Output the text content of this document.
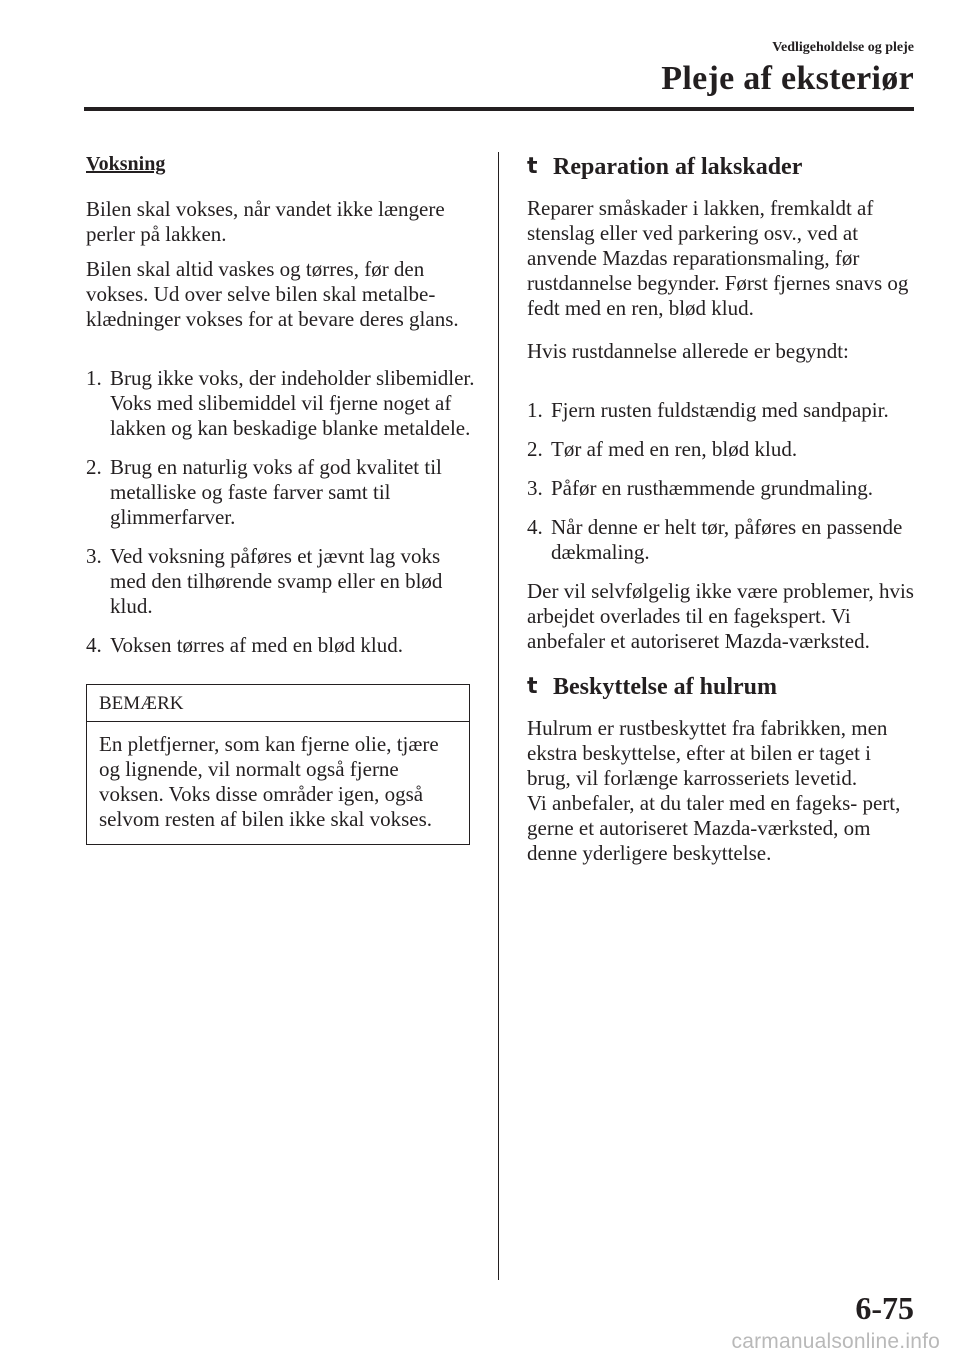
Vedligeholdelse og pleje
Pleje af eksteriør

Voksning

Bilen skal vokses, når vandet ikke længere perler på lakken.

Bilen skal altid vaskes og tørres, før den vokses. Ud over selve bilen skal metalbe- klædninger vokses for at bevare deres glans.

1. Brug ikke voks, der indeholder slibemidler.

Voks med slibemiddel vil fjerne noget af lakken og kan beskadige blanke metaldele.

2. Brug en naturlig voks af god kvalitet til metalliske og faste farver samt til glimmerfarver.

3. Ved voksning påføres et jævnt lag voks med den tilhørende svamp eller en blød klud.

4. Voksen tørres af med en blød klud.

BEMÆRK

En pletfjerner, som kan fjerne olie, tjære og lignende, vil normalt også fjerne voksen. Voks disse områder igen, også selvom resten af bilen ikke skal vokses.

t Reparation af lakskader

Reparer småskader i lakken, fremkaldt af stenslag eller ved parkering osv., ved at anvende Mazdas reparationsmaling, før rustdannelse begynder. Først fjernes snavs og fedt med en ren, blød klud.

Hvis rustdannelse allerede er begyndt:

1. Fjern rusten fuldstændig med sandpapir.

2. Tør af med en ren, blød klud.

3. Påfør en rusthæmmende grundmaling.

4. Når denne er helt tør, påføres en passende dækmaling.

Der vil selvfølgelig ikke være problemer, hvis arbejdet overlades til en fagekspert. Vi anbefaler et autoriseret Mazda-værksted.

t Beskyttelse af hulrum

Hulrum er rustbeskyttet fra fabrikken, men ekstra beskyttelse, efter at bilen er taget i brug, vil forlænge karrosseriets levetid.

Vi anbefaler, at du taler med en fageks- pert, gerne et autoriseret Mazda-værksted, om denne yderligere beskyttelse.

6-75
carmanualsonline.info
